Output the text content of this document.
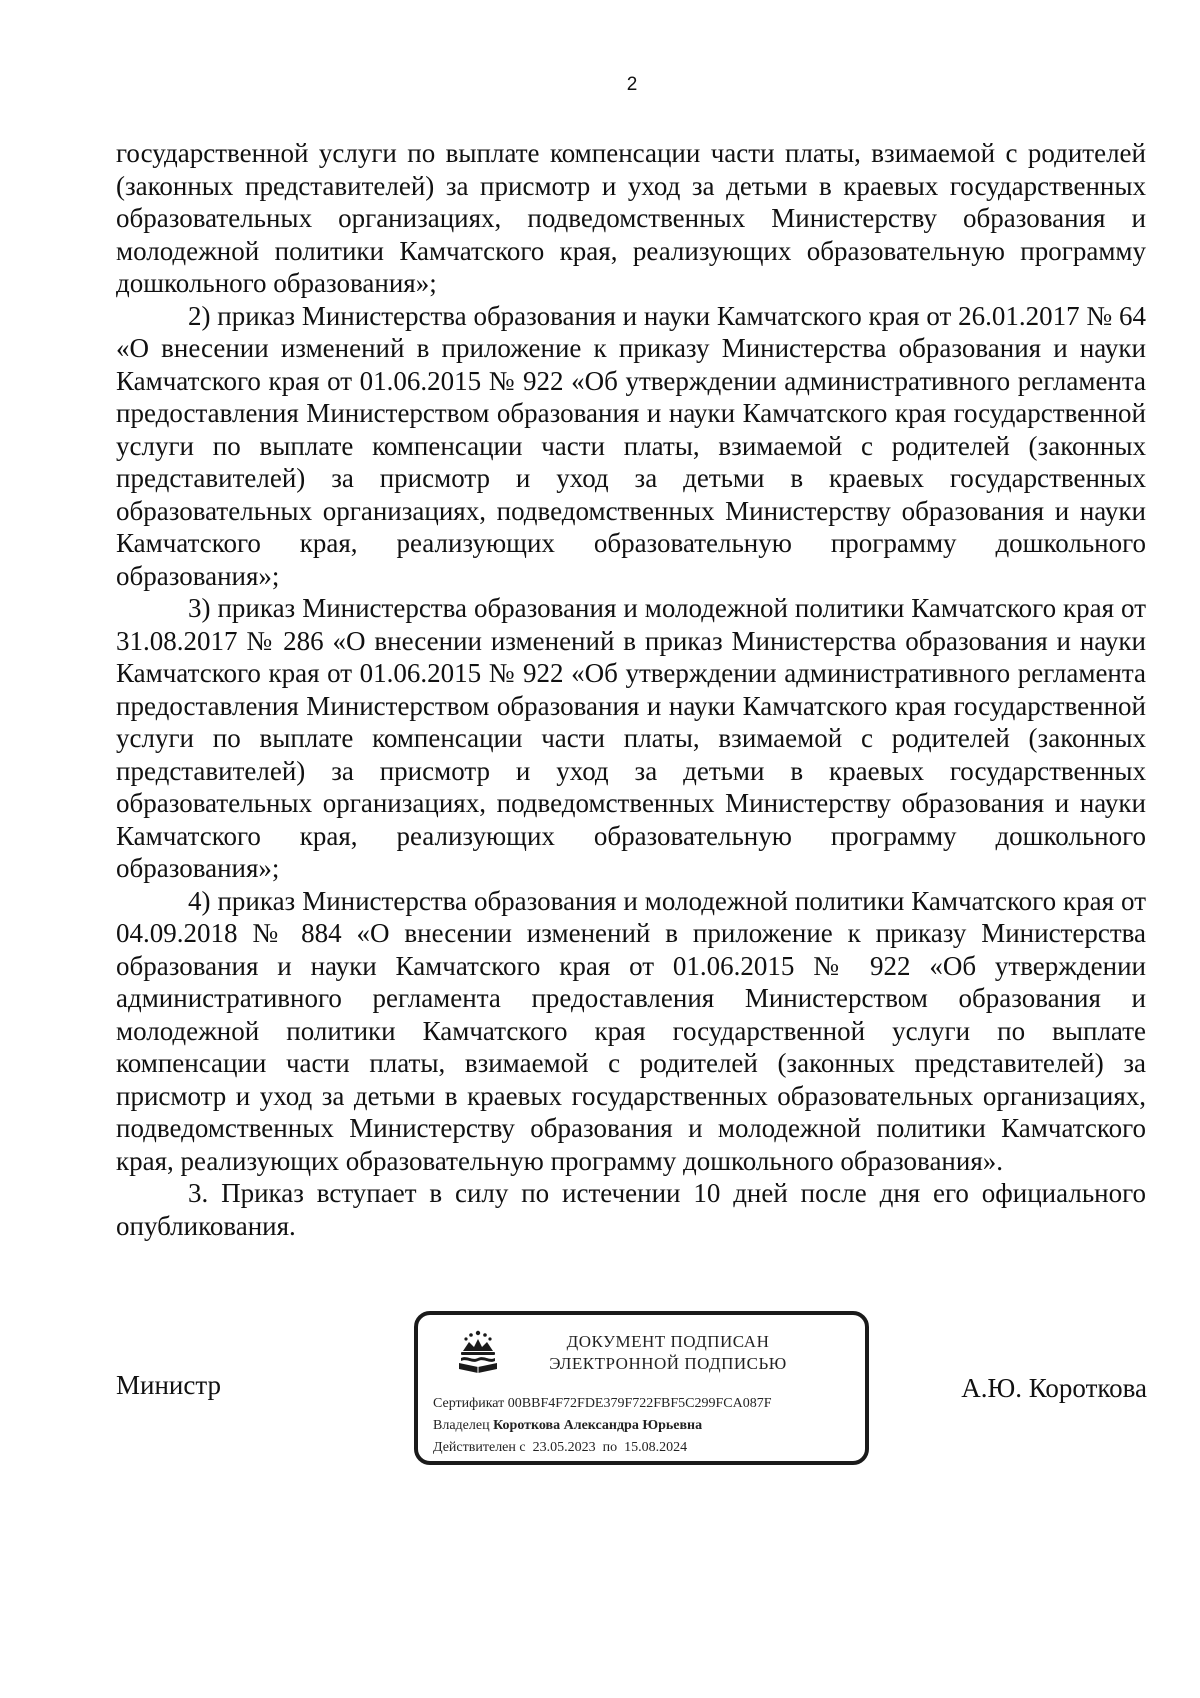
2

государственной услуги по выплате компенсации части платы, взимаемой с родителей (законных представителей) за присмотр и уход за детьми в краевых государственных образовательных организациях, подведомственных Министерству образования и молодежной политики Камчатского края, реализующих образовательную программу дошкольного образования»;

2) приказ Министерства образования и науки Камчатского края от 26.01.2017 № 64 «О внесении изменений в приложение к приказу Министерства образования и науки Камчатского края от 01.06.2015 № 922 «Об утверждении административного регламента предоставления Министерством образования и науки Камчатского края государственной услуги по выплате компенсации части платы, взимаемой с родителей (законных представителей) за присмотр и уход за детьми в краевых государственных образовательных организациях, подведомственных Министерству образования и науки Камчатского края, реализующих образовательную программу дошкольного образования»;

3) приказ Министерства образования и молодежной политики Камчатского края от 31.08.2017 № 286 «О внесении изменений в приказ Министерства образования и науки Камчатского края от 01.06.2015 № 922 «Об утверждении административного регламента предоставления Министерством образования и науки Камчатского края государственной услуги по выплате компенсации части платы, взимаемой с родителей (законных представителей) за присмотр и уход за детьми в краевых государственных образовательных организациях, подведомственных Министерству образования и науки Камчатского края, реализующих образовательную программу дошкольного образования»;

4) приказ Министерства образования и молодежной политики Камчатского края от 04.09.2018 № 884 «О внесении изменений в приложение к приказу Министерства образования и науки Камчатского края от 01.06.2015 № 922 «Об утверждении административного регламента предоставления Министерством образования и молодежной политики Камчатского края государственной услуги по выплате компенсации части платы, взимаемой с родителей (законных представителей) за присмотр и уход за детьми в краевых государственных образовательных организациях, подведомственных Министерству образования и молодежной политики Камчатского края, реализующих образовательную программу дошкольного образования».

3. Приказ вступает в силу по истечении 10 дней после дня его официального опубликования.

Министр
ДОКУМЕНТ ПОДПИСАН
ЭЛЕКТРОННОЙ ПОДПИСЬЮ
Сертификат 00BBF4F72FDE379F722FBF5C299FCA087F
Владелец Короткова Александра Юрьевна
Действителен с 23.05.2023 по 15.08.2024
А.Ю. Короткова
